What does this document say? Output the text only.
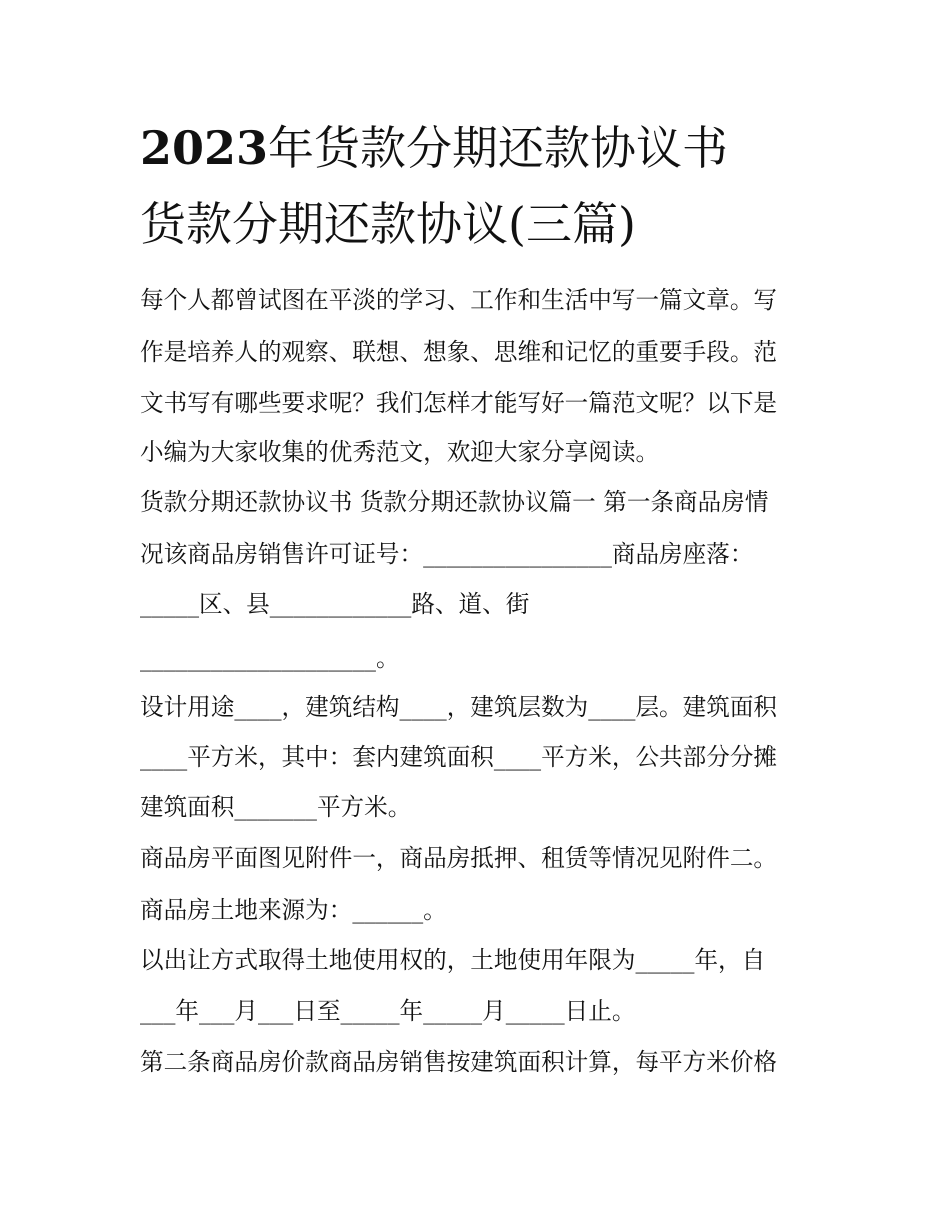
2023年货款分期还款协议书
货款分期还款协议(三篇)
每个人都曾试图在平淡的学习、工作和生活中写一篇文章。写
作是培养人的观察、联想、想象、思维和记忆的重要手段。范
文书写有哪些要求呢？我们怎样才能写好一篇范文呢？以下是
小编为大家收集的优秀范文，欢迎大家分享阅读。
货款分期还款协议书 货款分期还款协议篇一 第一条商品房情
况该商品房销售许可证号：________________商品房座落：
_____区、县____________路、道、街
____________________。
设计用途____，建筑结构____，建筑层数为____层。建筑面积
____平方米，其中：套内建筑面积____平方米，公共部分分摊
建筑面积_______平方米。
商品房平面图见附件一，商品房抵押、租赁等情况见附件二。
商品房土地来源为：______。
以出让方式取得土地使用权的，土地使用年限为_____年，自
___年___月___日至_____年_____月_____日止。
第二条商品房价款商品房销售按建筑面积计算，每平方米价格
